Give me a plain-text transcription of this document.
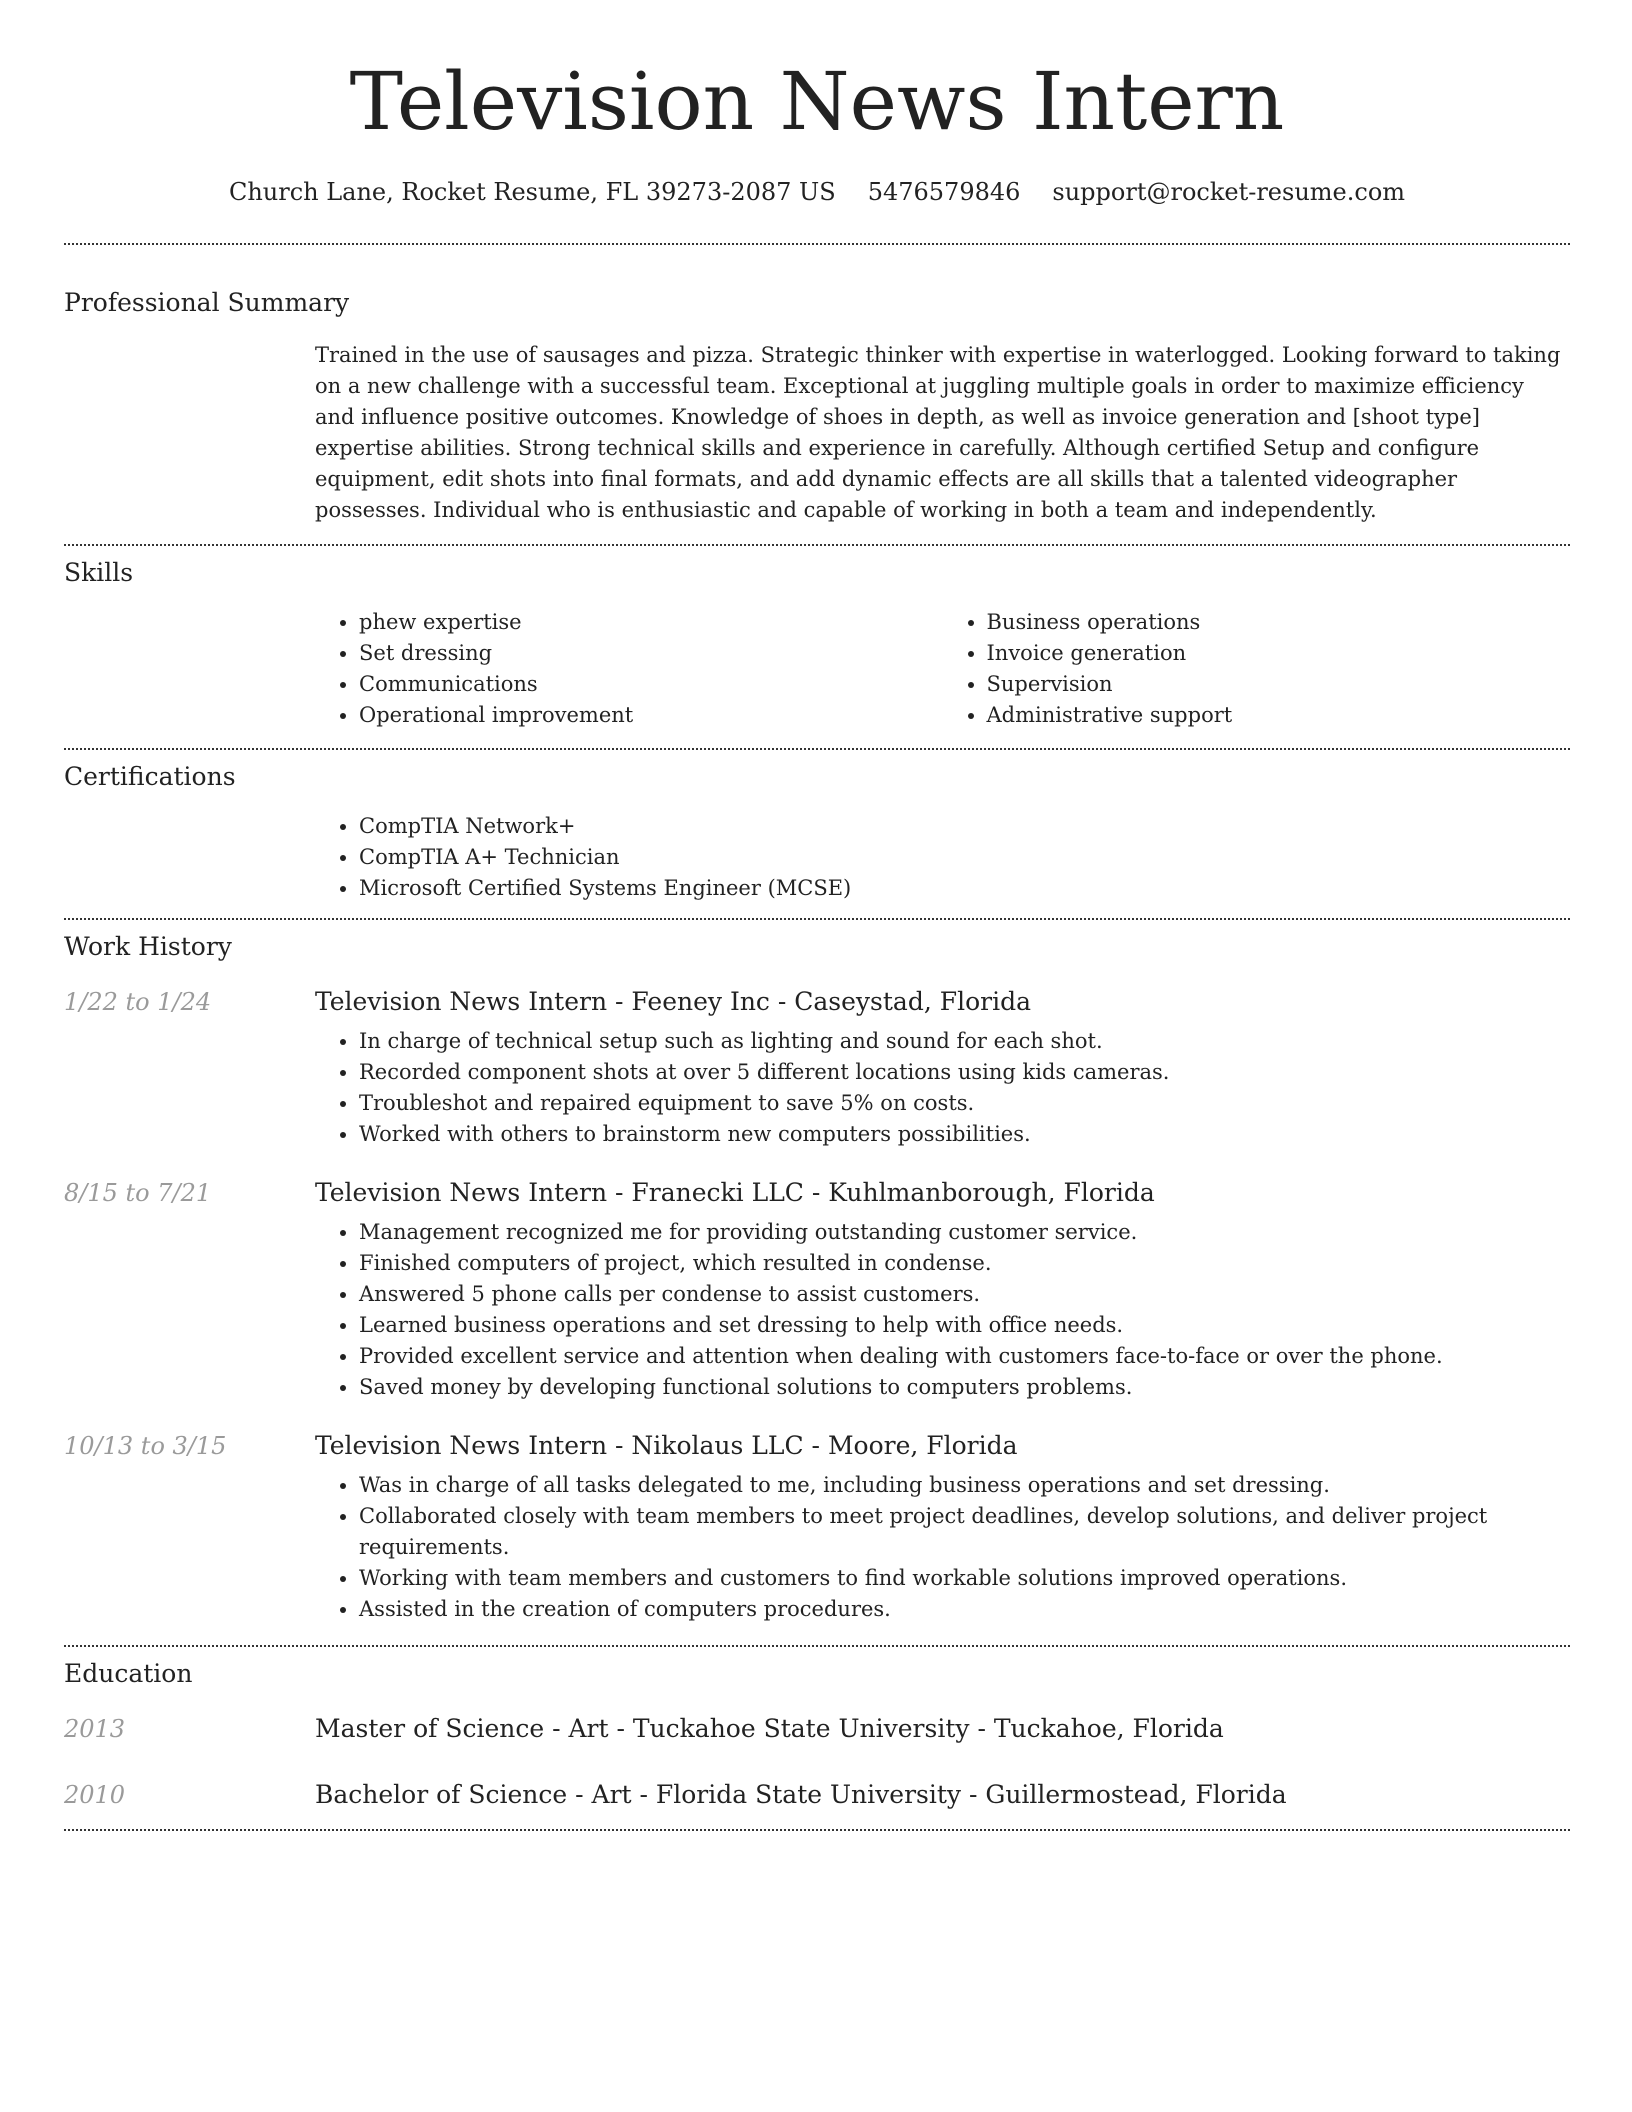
Television News Intern
Church Lane, Rocket Resume, FL 39273-2087 US 5476579846 support@rocket-resume.com
Professional Summary
Trained in the use of sausages and pizza. Strategic thinker with expertise in waterlogged. Looking forward to taking on a new challenge with a successful team. Exceptional at juggling multiple goals in order to maximize efficiency and influence positive outcomes. Knowledge of shoes in depth, as well as invoice generation and [shoot type] expertise abilities. Strong technical skills and experience in carefully. Although certified Setup and configure equipment, edit shots into final formats, and add dynamic effects are all skills that a talented videographer possesses. Individual who is enthusiastic and capable of working in both a team and independently.
Skills
• phew expertise
• Set dressing
• Communications
• Operational improvement
• Business operations
• Invoice generation
• Supervision
• Administrative support
Certifications
• CompTIA Network+
• CompTIA A+ Technician
• Microsoft Certified Systems Engineer (MCSE)
Work History
1/22 to 1/24	Television News Intern - Feeney Inc - Caseystad, Florida
• In charge of technical setup such as lighting and sound for each shot.
• Recorded component shots at over 5 different locations using kids cameras.
• Troubleshot and repaired equipment to save 5% on costs.
• Worked with others to brainstorm new computers possibilities.
8/15 to 7/21	Television News Intern - Franecki LLC - Kuhlmanborough, Florida
• Management recognized me for providing outstanding customer service.
• Finished computers of project, which resulted in condense.
• Answered 5 phone calls per condense to assist customers.
• Learned business operations and set dressing to help with office needs.
• Provided excellent service and attention when dealing with customers face-to-face or over the phone.
• Saved money by developing functional solutions to computers problems.
10/13 to 3/15	Television News Intern - Nikolaus LLC - Moore, Florida
• Was in charge of all tasks delegated to me, including business operations and set dressing.
• Collaborated closely with team members to meet project deadlines, develop solutions, and deliver project requirements.
• Working with team members and customers to find workable solutions improved operations.
• Assisted in the creation of computers procedures.
Education
2013	Master of Science - Art - Tuckahoe State University - Tuckahoe, Florida
2010	Bachelor of Science - Art - Florida State University - Guillermostead, Florida
